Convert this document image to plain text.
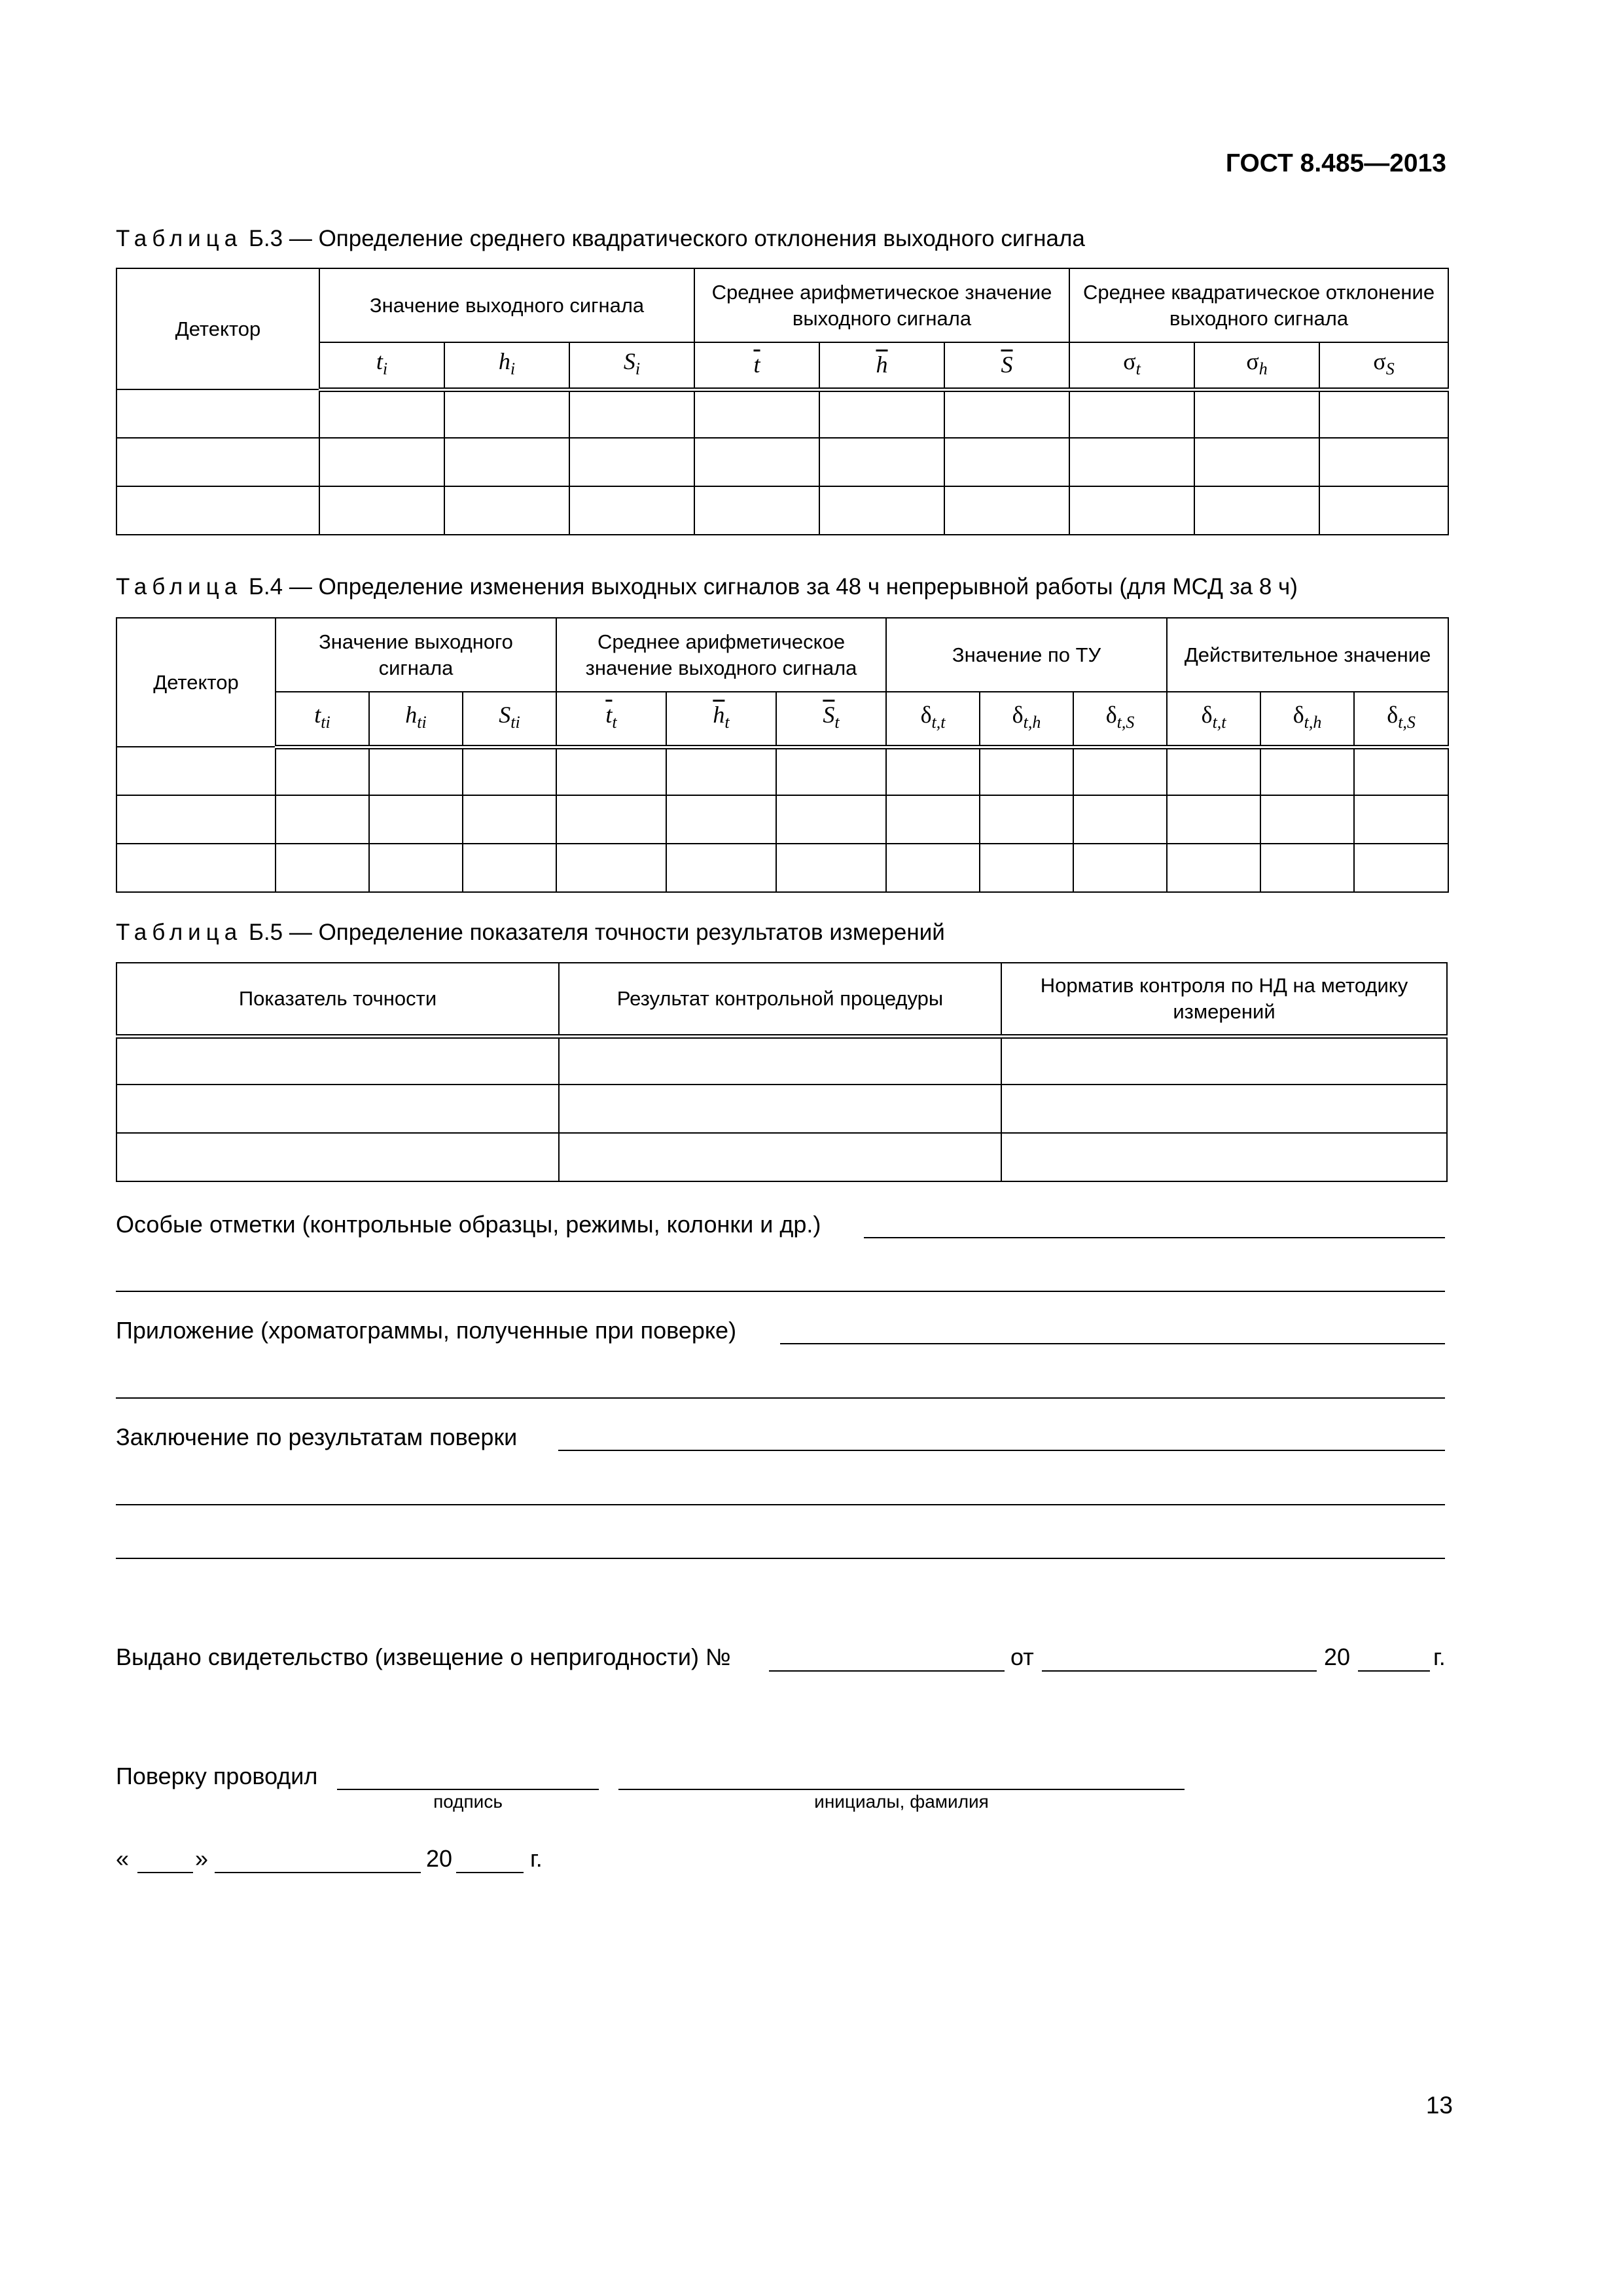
ГОСТ 8.485—2013
Таблица Б.3 — Определение среднего квадратического отклонения выходного сигнала
Детектор	Значение выходного сигнала			Среднее арифметическое значение выходного сигнала			Среднее квадратическое отклонение выходного сигнала		
	$t_i$	$h_i$	$S_i$	$\overline{t}$	$\overline{h}$	$\overline{S}$	$\sigma_t$	$\sigma_h$	$\sigma_S$

Таблица Б.4 — Определение изменения выходных сигналов за 48 ч непрерывной работы (для МСД за 8 ч)
Детектор	Значение выходного сигнала			Среднее арифметическое значение выходного сигнала			Значение по ТУ			Действительное значение		
	$t_{ti}$	$h_{ti}$	$S_{ti}$	$\overline{t}_t$	$\overline{h}_t$	$\overline{S}_t$	$\delta_{t,t}$	$\delta_{t,h}$	$\delta_{t,S}$	$\delta_{t,t}$	$\delta_{t,h}$	$\delta_{t,S}$

Таблица Б.5 — Определение показателя точности результатов измерений
Показатель точности	Результат контрольной процедуры	Норматив контроля по НД на методику измерений

Особые отметки (контрольные образцы, режимы, колонки и др.)
Приложение (хроматограммы, полученные при поверке)
Заключение по результатам поверки
Выдано свидетельство (извещение о непригодности) №	от	20	г.
Поверку проводил
подпись	инициалы, фамилия
«	»	20	г.
13
